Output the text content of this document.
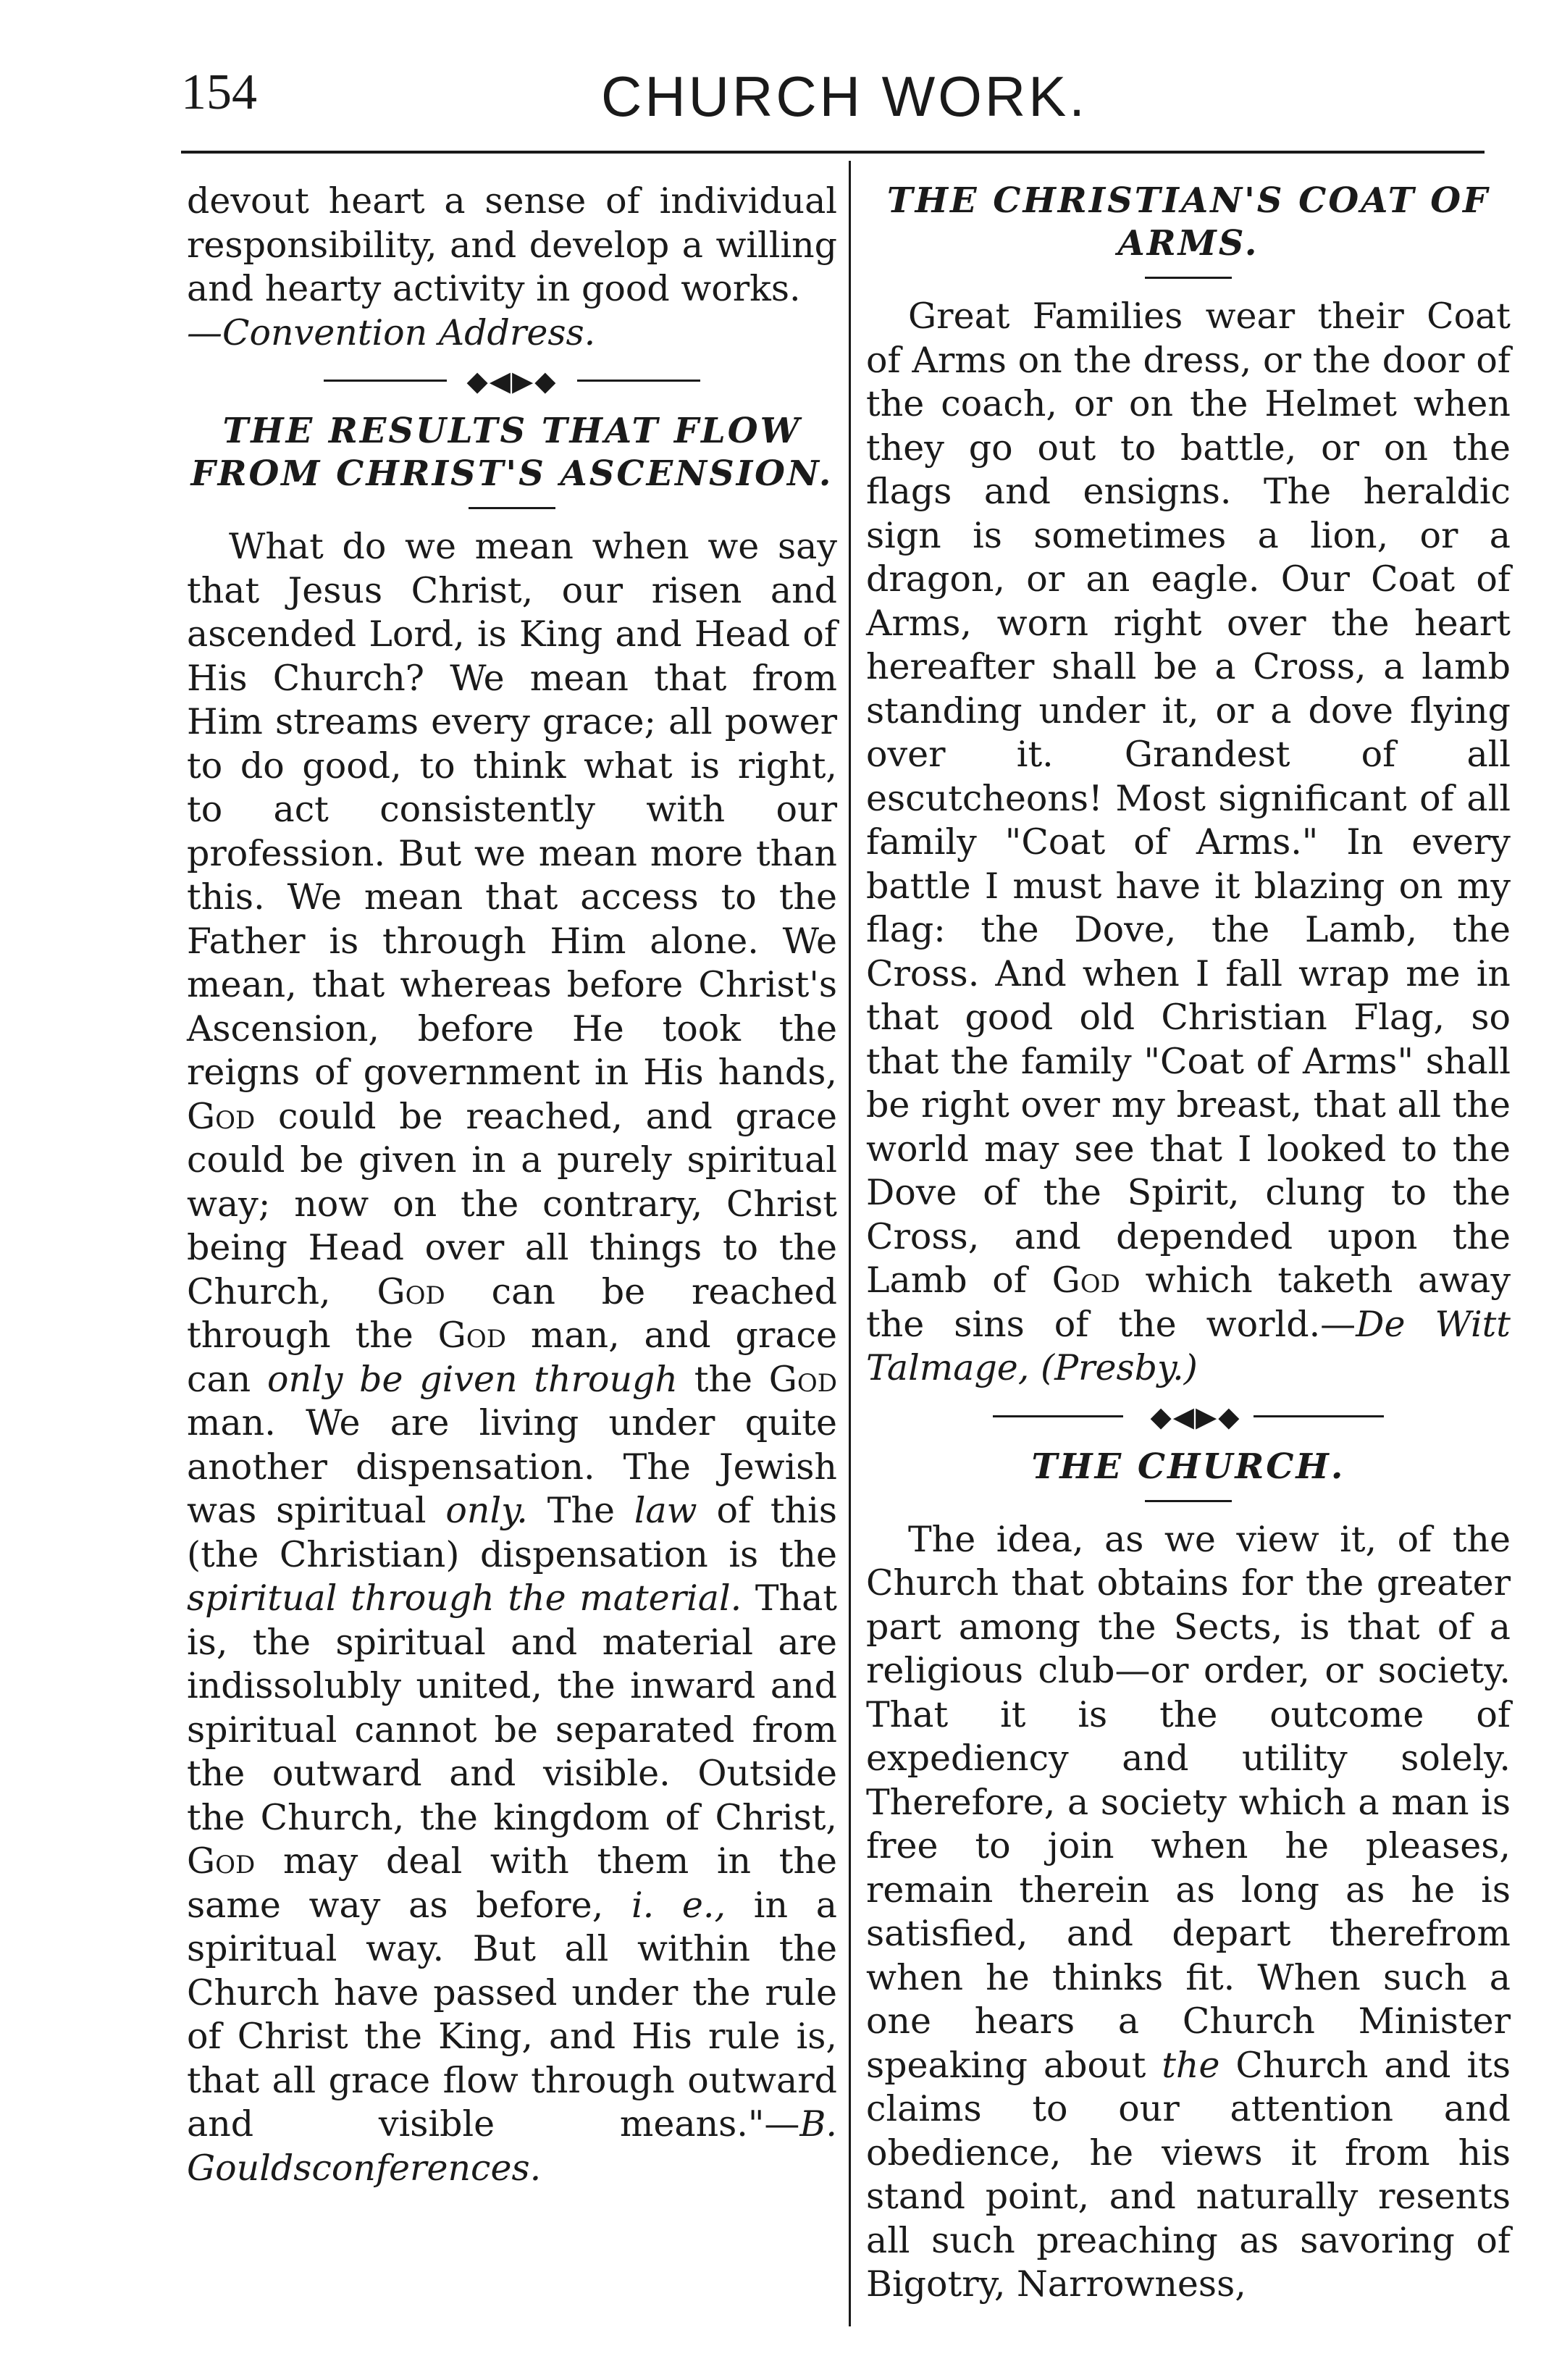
154	CHURCH WORK.

devout heart a sense of individual responsibility, and develop a willing and hearty activity in good works.

—Convention Address.

◆◀▶◆
THE RESULTS THAT FLOW FROM CHRIST'S ASCENSION.

What do we mean when we say that Jesus Christ, our risen and ascended Lord, is King and Head of His Church? We mean that from Him streams every grace; all power to do good, to think what is right, to act consistently with our profession. But we mean more than this. We mean that access to the Father is through Him alone. We mean, that whereas before Christ's Ascension, before He took the reigns of government in His hands, God could be reached, and grace could be given in a purely spiritual way; now on the contrary, Christ being Head over all things to the Church, God can be reached through the God man, and grace can only be given through the God man. We are living under quite another dispensation. The Jewish was spiritual only. The law of this (the Christian) dispensation is the spiritual through the material. That is, the spiritual and material are indissolubly united, the inward and spiritual cannot be separated from the outward and visible. Outside the Church, the kingdom of Christ, God may deal with them in the same way as before, i. e., in a spiritual way. But all within the Church have passed under the rule of Christ the King, and His rule is, that all grace flow through outward and visible means."—B. Gouldsconferences.

THE CHRISTIAN'S COAT OF ARMS.

Great Families wear their Coat of Arms on the dress, or the door of the coach, or on the Helmet when they go out to battle, or on the flags and ensigns. The heraldic sign is sometimes a lion, or a dragon, or an eagle. Our Coat of Arms, worn right over the heart hereafter shall be a Cross, a lamb standing under it, or a dove flying over it. Grandest of all escutcheons! Most significant of all family "Coat of Arms." In every battle I must have it blazing on my flag: the Dove, the Lamb, the Cross. And when I fall wrap me in that good old Christian Flag, so that the family "Coat of Arms" shall be right over my breast, that all the world may see that I looked to the Dove of the Spirit, clung to the Cross, and depended upon the Lamb of God which taketh away the sins of the world.—De Witt Talmage, (Presby.)

◆◀▶◆
THE CHURCH.

The idea, as we view it, of the Church that obtains for the greater part among the Sects, is that of a religious club—or order, or society. That it is the outcome of expediency and utility solely. Therefore, a society which a man is free to join when he pleases, remain therein as long as he is satisfied, and depart therefrom when he thinks fit. When such a one hears a Church Minister speaking about the Church and its claims to our attention and obedience, he views it from his stand point, and naturally resents all such preaching as savoring of Bigotry, Narrowness,
